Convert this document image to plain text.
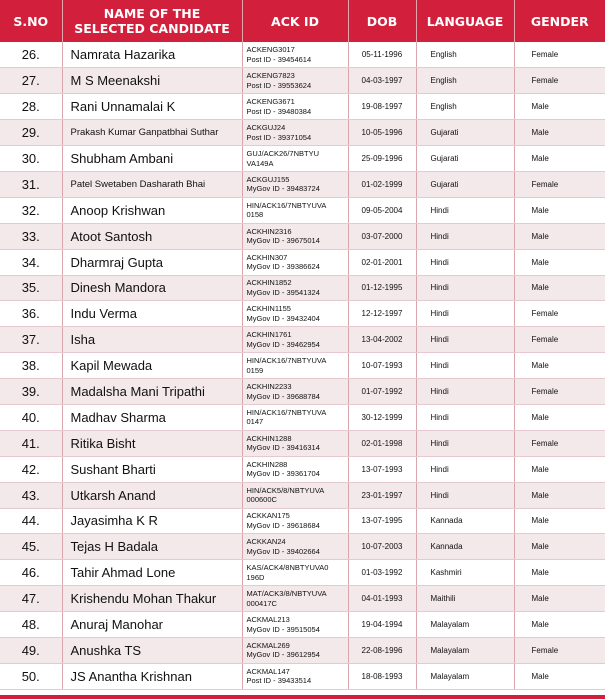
S.NO	NAME OF THE
SELECTED CANDIDATE	ACK ID	DOB	LANGUAGE	GENDER
26.	Namrata Hazarika	ACKENG3017
Post ID - 39454614	05-11-1996	English	Female
27.	M S Meenakshi	ACKENG7823
Post ID - 39553624	04-03-1997	English	Female
28.	Rani Unnamalai K	ACKENG3671
Post ID - 39480384	19-08-1997	English	Male
29.	Prakash Kumar Ganpatbhai Suthar	ACKGUJ24
Post ID - 39371054	10-05-1996	Gujarati	Male
30.	Shubham Ambani	GUJ/ACK26/7NBTYU
VA149A	25-09-1996	Gujarati	Male
31.	Patel Swetaben Dasharath Bhai	ACKGUJ155
MyGov ID - 39483724	01-02-1999	Gujarati	Female
32.	Anoop Krishwan	HIN/ACK16/7NBTYUVA
0158	09-05-2004	Hindi	Male
33.	Atoot Santosh	ACKHIN2316
MyGov ID - 39675014	03-07-2000	Hindi	Male
34.	Dharmraj Gupta	ACKHIN307
MyGov ID - 39386624	02-01-2001	Hindi	Male
35.	Dinesh Mandora	ACKHIN1852
MyGov ID - 39541324	01-12-1995	Hindi	Male
36.	Indu Verma	ACKHIN1155
MyGov ID - 39432404	12-12-1997	Hindi	Female
37.	Isha	ACKHIN1761
MyGov ID - 39462954	13-04-2002	Hindi	Female
38.	Kapil Mewada	HIN/ACK16/7NBTYUVA
0159	10-07-1993	Hindi	Male
39.	Madalsha Mani Tripathi	ACKHIN2233
MyGov ID - 39688784	01-07-1992	Hindi	Female
40.	Madhav Sharma	HIN/ACK16/7NBTYUVA
0147	30-12-1999	Hindi	Male
41.	Ritika Bisht	ACKHIN1288
MyGov ID - 39416314	02-01-1998	Hindi	Female
42.	Sushant Bharti	ACKHIN288
MyGov ID - 39361704	13-07-1993	Hindi	Male
43.	Utkarsh Anand	HIN/ACK5/8/NBTYUVA
000600C	23-01-1997	Hindi	Male
44.	Jayasimha K R	ACKKAN175
MyGov ID - 39618684	13-07-1995	Kannada	Male
45.	Tejas H Badala	ACKKAN24
MyGov ID - 39402664	10-07-2003	Kannada	Male
46.	Tahir Ahmad Lone	KAS/ACK4/8NBTYUVA0
196D	01-03-1992	Kashmiri	Male
47.	Krishendu Mohan Thakur	MAT/ACK3/8/NBTYUVA
000417C	04-01-1993	Maithili	Male
48.	Anuraj Manohar	ACKMAL213
MyGov ID - 39515054	19-04-1994	Malayalam	Male
49.	Anushka TS	ACKMAL269
MyGov ID - 39612954	22-08-1996	Malayalam	Female
50.	JS Anantha Krishnan	ACKMAL147
Post ID - 39433514	18-08-1993	Malayalam	Male
